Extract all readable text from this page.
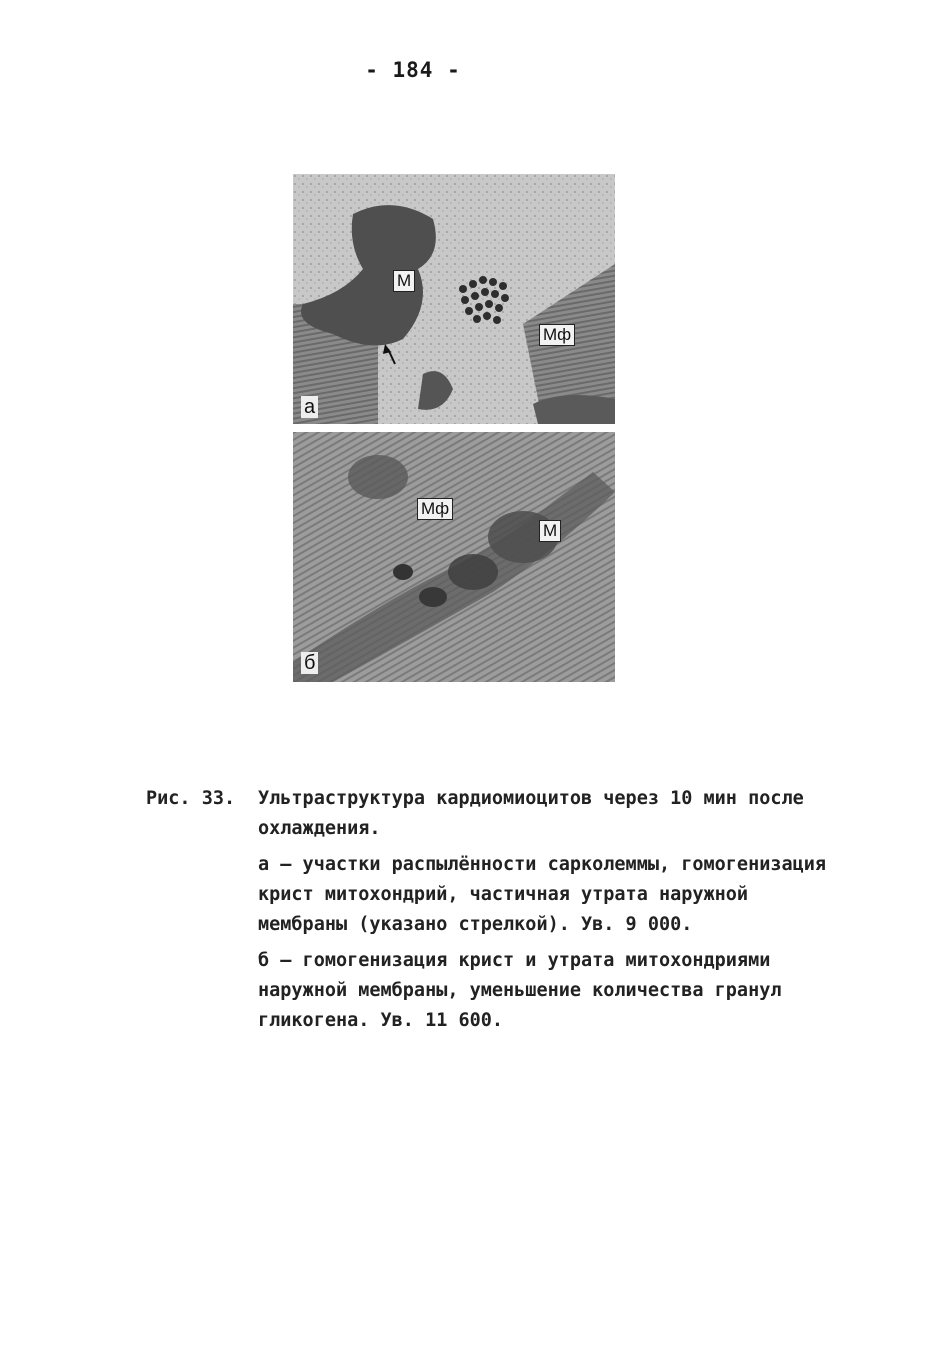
- 184 -
М
Мф
а
Мф
М
б
Рис. 33.	Ультраструктура кардиомиоцитов через 10 мин после охлаждения.
а – участки распылённости сарколеммы, гомогенизация крист митохондрий, частичная утрата наружной мембраны (указано стрелкой). Ув. 9 000.
б – гомогенизация крист и утрата митохондриями наружной мембраны, уменьшение количества гранул гликогена. Ув. 11 600.
